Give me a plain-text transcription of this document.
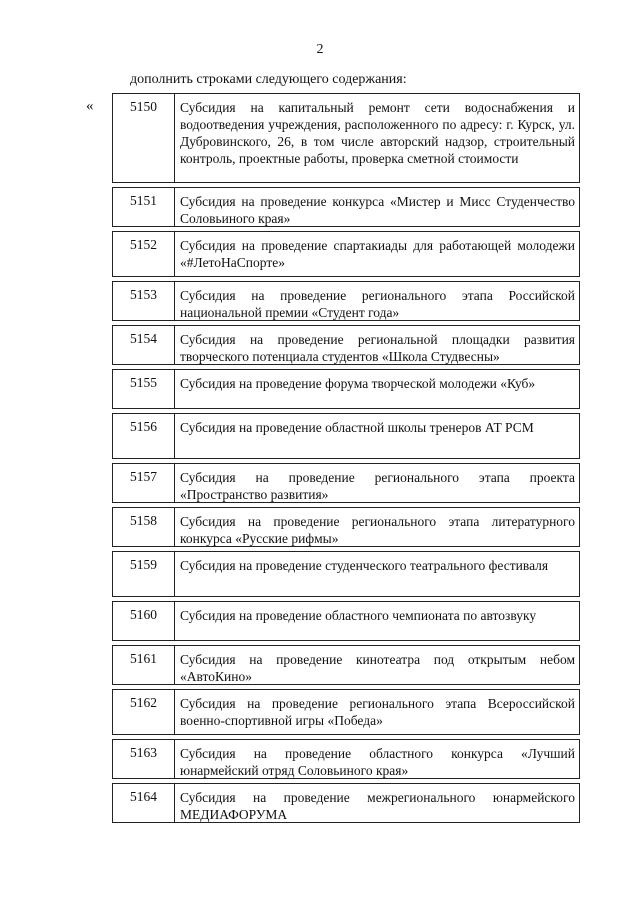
2
дополнить строками следующего содержания:
«	5150	Субсидия на капитальный ремонт сети водоснабжения и водоотведения учреждения, расположенного по адресу: г. Курск, ул. Дубровинского, 26, в том числе авторский надзор, строительный контроль, проектные работы, проверка сметной стоимости
5151	Субсидия на проведение конкурса «Мистер и Мисс Студенчество Соловьиного края»
5152	Субсидия на проведение спартакиады для работающей молодежи «#ЛетоНаСпорте»
5153	Субсидия на проведение регионального этапа Российской национальной премии «Студент года»
5154	Субсидия на проведение региональной площадки развития творческого потенциала студентов «Школа Студвесны»
5155	Субсидия на проведение форума творческой молодежи «Куб»
5156	Субсидия на проведение областной школы тренеров АТ РСМ
5157	Субсидия на проведение регионального этапа проекта «Пространство развития»
5158	Субсидия на проведение регионального этапа литературного конкурса «Русские рифмы»
5159	Субсидия на проведение студенческого театрального фестиваля
5160	Субсидия на проведение областного чемпионата по автозвуку
5161	Субсидия на проведение кинотеатра под открытым небом «АвтоКино»
5162	Субсидия на проведение регионального этапа Всероссийской военно-спортивной игры «Победа»
5163	Субсидия на проведение областного конкурса «Лучший юнармейский отряд Соловьиного края»
5164	Субсидия на проведение межрегионального юнармейского МЕДИАФОРУМА
